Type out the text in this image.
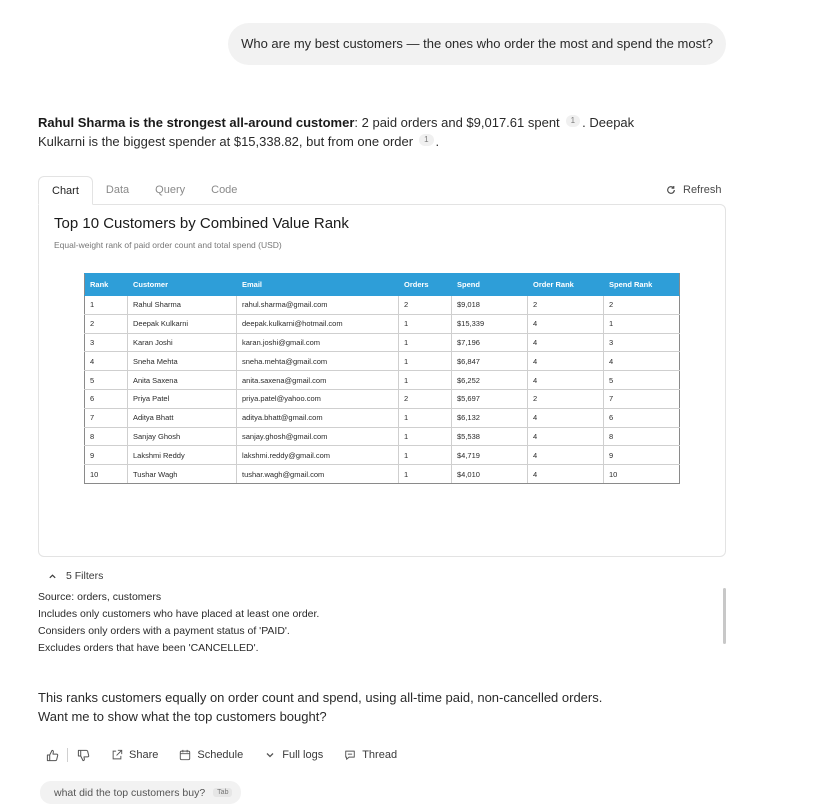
Who are my best customers — the ones who order the most and spend the most?
Rahul Sharma is the strongest all-around customer: 2 paid orders and $9,017.61 spent 1 . Deepak Kulkarni is the biggest spender at $15,338.82, but from one order 1 .
Chart	Data	Query	Code	Refresh
Top 10 Customers by Combined Value Rank
Equal-weight rank of paid order count and total spend (USD)
Rank	Customer	Email	Orders	Spend	Order Rank	Spend Rank
1	Rahul Sharma	rahul.sharma@gmail.com	2	$9,018	2	2
2	Deepak Kulkarni	deepak.kulkarni@hotmail.com	1	$15,339	4	1
3	Karan Joshi	karan.joshi@gmail.com	1	$7,196	4	3
4	Sneha Mehta	sneha.mehta@gmail.com	1	$6,847	4	4
5	Anita Saxena	anita.saxena@gmail.com	1	$6,252	4	5
6	Priya Patel	priya.patel@yahoo.com	2	$5,697	2	7
7	Aditya Bhatt	aditya.bhatt@gmail.com	1	$6,132	4	6
8	Sanjay Ghosh	sanjay.ghosh@gmail.com	1	$5,538	4	8
9	Lakshmi Reddy	lakshmi.reddy@gmail.com	1	$4,719	4	9
10	Tushar Wagh	tushar.wagh@gmail.com	1	$4,010	4	10
5 Filters
Source: orders, customers
Includes only customers who have placed at least one order.
Considers only orders with a payment status of 'PAID'.
Excludes orders that have been 'CANCELLED'.
This ranks customers equally on order count and spend, using all-time paid, non-cancelled orders.
Want me to show what the top customers bought?
Share	Schedule	Full logs	Thread
what did the top customers buy?	Tab
